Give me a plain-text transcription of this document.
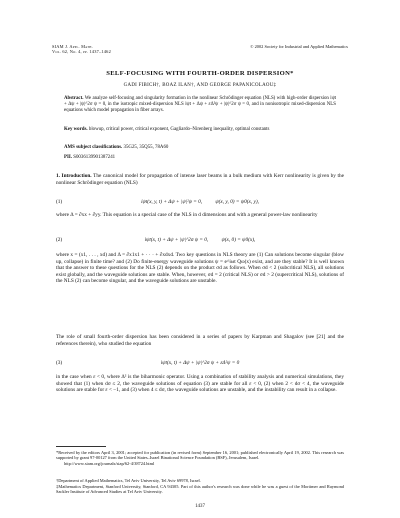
SIAM J. Appl. Math.
Vol. 62, No. 4, pp. 1437–1462
© 2002 Society for Industrial and Applied Mathematics
SELF-FOCUSING WITH FOURTH-ORDER DISPERSION*
GADI FIBICH†, BOAZ ILAN†, AND GEORGE PAPANICOLAOU‡
Abstract. We analyze self-focusing and singularity formation in the nonlinear Schrödinger equation (NLS) with high-order dispersion iψt + Δψ + |ψ|^2σ ψ = 0, in the isotropic mixed-dispersion NLS iψt + Δψ + εΔ²ψ + |ψ|^2σ ψ = 0, and in nonisotropic mixed-dispersion NLS equations which model propagation in fiber arrays.
Key words. blowup, critical power, critical exponent, Gagliardo–Nirenberg inequality, optimal constants
AMS subject classifications. 35G25, 35Q55, 78A60
PII. S0036139901387241
1. Introduction. The canonical model for propagation of intense laser beams in a bulk medium with Kerr nonlinearity is given by the nonlinear Schrödinger equation (NLS)
(1)	iψt(x, y, t) + Δψ + |ψ|²ψ = 0,          ψ(x, y, 0) = ψ0(x, y),
where Δ = ∂xx + ∂yy. This equation is a special case of the NLS in d dimensions and with a general power-law nonlinearity
(2)	iψt(x, t) + Δψ + |ψ|^2σ ψ = 0,          ψ(x, 0) = ψ0(x),
where x = (x1, . . . , xd) and Δ = ∂x1x1 + · · · + ∂xdxd. Two key questions in NLS theory are (1) Can solutions become singular (blow up, collapse) in finite time? and (2) Do finite-energy waveguide solutions ψ = e^iωt Qω(x) exist, and are they stable? It is well known that the answer to these questions for the NLS (2) depends on the product σd as follows. When σd < 2 (subcritical NLS), all solutions exist globally, and the waveguide solutions are stable. When, however, σd = 2 (critical NLS) or σd > 2 (supercritical NLS), solutions of the NLS (2) can become singular, and the waveguide solutions are unstable.
The role of small fourth-order dispersion has been considered in a series of papers by Karpman and Shagalov (see [21] and the references therein), who studied the equation
(3)	iψt(x, t) + Δψ + |ψ|^2σ ψ + εΔ²ψ = 0
in the case when ε < 0, where Δ² is the biharmonic operator. Using a combination of stability analysis and numerical simulations, they showed that (1) when dσ ≤ 2, the waveguide solutions of equation (3) are stable for all ε < 0, (2) when 2 < dσ < 4, the waveguide solutions are stable for ε < −1, and (3) when 4 ≤ dσ, the waveguide solutions are unstable, and the instability can result in a collapse.
*Received by the editors April 3, 2001; accepted for publication (in revised form) September 16, 2001; published electronically April 19, 2002. This research was supported by grant 97-00127 from the United States–Israel Binational Science Foundation (BSF), Jerusalem, Israel.
http://www.siam.org/journals/siap/62-4/38724.html
†Department of Applied Mathematics, Tel Aviv University, Tel Aviv 69978, Israel.
‡Mathematics Department, Stanford University, Stanford, CA 94305. Part of this author's research was done while he was a guest of the Mortimer and Raymond Sackler Institute of Advanced Studies at Tel Aviv University.
1437
